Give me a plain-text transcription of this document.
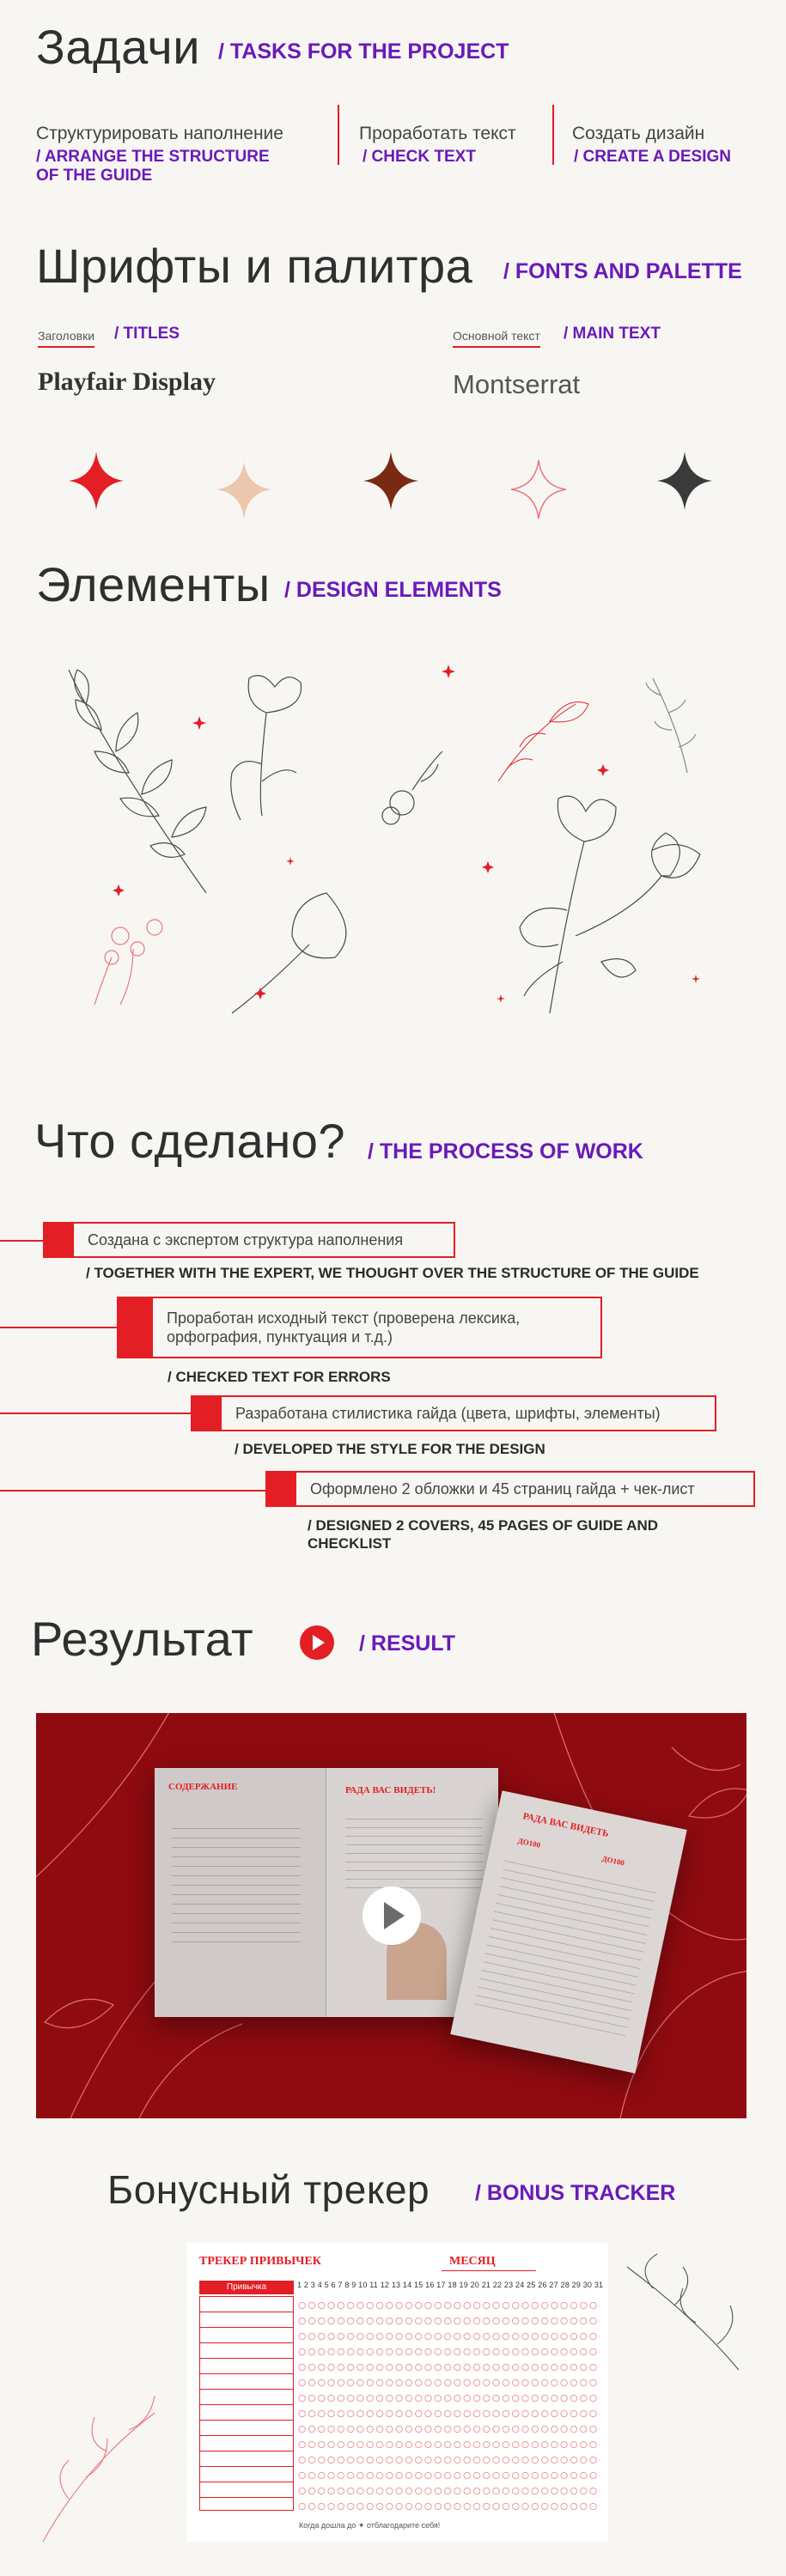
Задачи / TASKS FOR THE PROJECT
Структурировать наполнение
/ ARRANGE THE STRUCTURE OF THE GUIDE
Проработать текст
/ CHECK TEXT
Создать дизайн
/ CREATE A DESIGN
Шрифты и палитра / FONTS AND PALETTE
Заголовки / TITLES
Playfair Display
Основной текст / MAIN TEXT
Montserrat
Элементы / DESIGN ELEMENTS
Что сделано? / THE PROCESS OF WORK
Создана с экспертом структура наполнения
/ TOGETHER WITH THE EXPERT, WE THOUGHT OVER THE STRUCTURE OF THE GUIDE
Проработан исходный текст (проверена лексика, орфография, пунктуация и т.д.)
/ CHECKED TEXT FOR ERRORS
Разработана стилистика гайда (цвета, шрифты, элементы)
/ DEVELOPED THE STYLE FOR THE DESIGN
Оформлено 2 обложки и 45 страниц гайда + чек-лист
/ DESIGNED 2 COVERS, 45 PAGES OF GUIDE AND CHECKLIST
Результат	/ RESULT
СОДЕРЖАНИЕ	РАДА ВАС ВИДЕТЬ!
РАДА ВАС ВИДЕТЬ
ДО100
ДО100
Бонусный трекер / BONUS TRACKER
ТРЕКЕР ПРИВЫЧЕК	МЕСЯЦ
Привычка	1 2 3 4 5 6 7 8 9 10 11 12 13 14 15 16 17 18 19 20 21 22 23 24 25 26 27 28 29 30 31
Когда дошла до ✦ отблагодарите себя!
